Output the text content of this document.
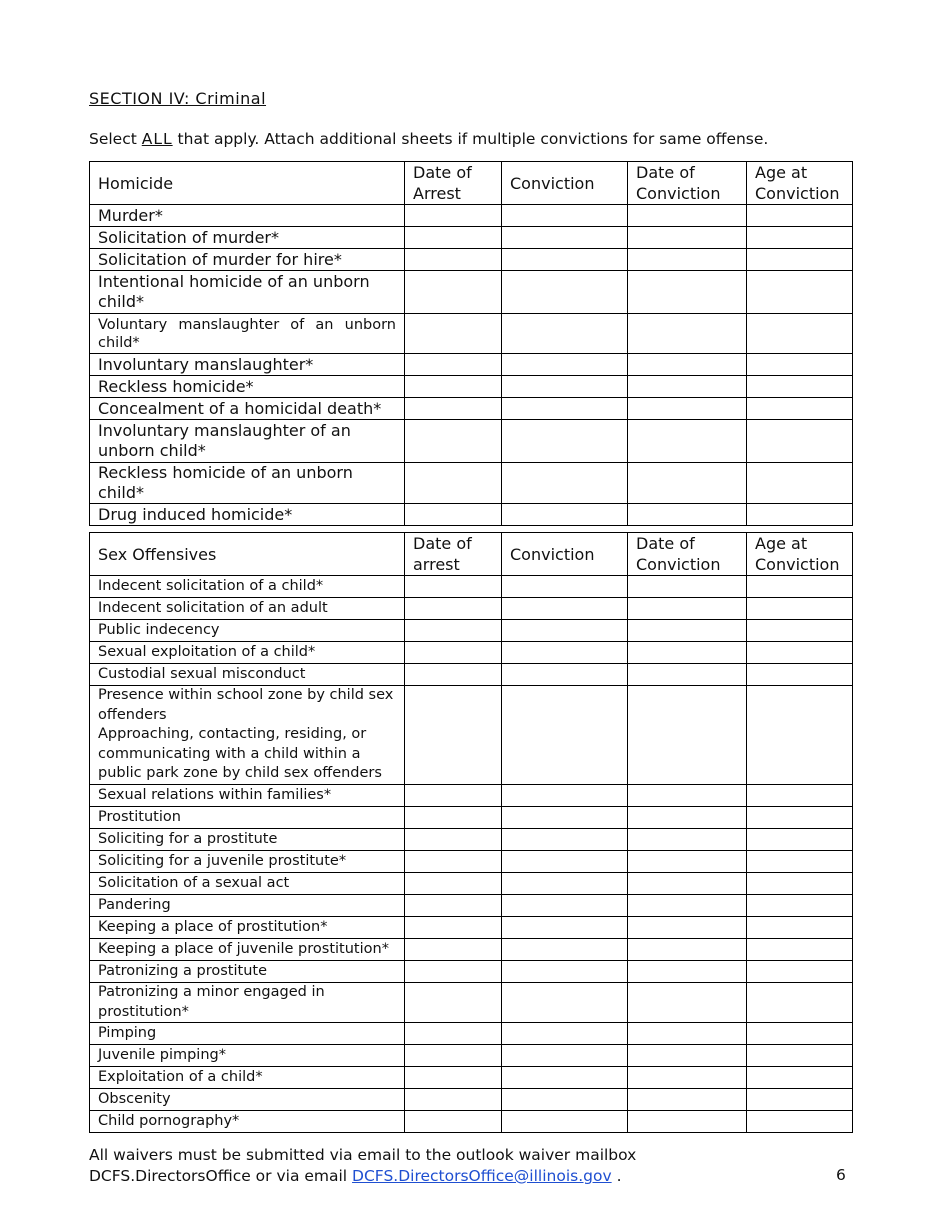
SECTION IV: Criminal
Select ALL that apply. Attach additional sheets if multiple convictions for same offense.
Homicide	Date of Arrest	Conviction	Date of Conviction	Age at Conviction
Murder*				
Solicitation of murder*				
Solicitation of murder for hire*				
Intentional homicide of an unborn child*				
Voluntary manslaughter of an unborn child*				
Involuntary manslaughter*				
Reckless homicide*				
Concealment of a homicidal death*				
Involuntary manslaughter of an unborn child*				
Reckless homicide of an unborn child*				
Drug induced homicide*				
Sex Offensives	Date of arrest	Conviction	Date of Conviction	Age at Conviction
Indecent solicitation of a child*				
Indecent solicitation of an adult				
Public indecency				
Sexual exploitation of a child*				
Custodial sexual misconduct				

Presence within school zone by child sex offenders
Approaching, contacting, residing, or communicating with a child within a public park zone by child sex offenders				

Sexual relations within families*				
Prostitution				
Soliciting for a prostitute				
Soliciting for a juvenile prostitute*				
Solicitation of a sexual act				
Pandering				
Keeping a place of prostitution*				
Keeping a place of juvenile prostitution*				
Patronizing a prostitute				
Patronizing a minor engaged in prostitution*				
Pimping				
Juvenile pimping*				
Exploitation of a child*				
Obscenity				
Child pornography*				
All waivers must be submitted via email to the outlook waiver mailbox
DCFS.DirectorsOffice or via email DCFS.DirectorsOffice@illinois.gov .	6
